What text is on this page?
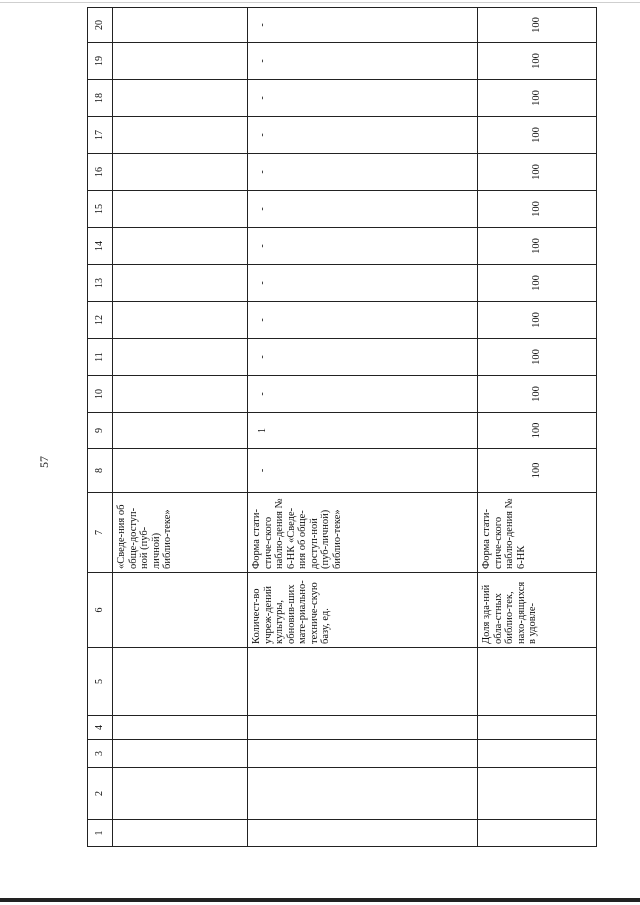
57
1	2	3	4	5	6	7	8	9	10	11	12	13	14	15	16	17	18	19	20
						«Сведе-ния об обще-доступ-ной (пуб-личной) библио-теке»													
					Количест-во учреж-дений культуры, обновив-ших мате-риально-техниче-скую базу, ед.	Форма стати-стиче-ского наблю-дения № 6-НК «Сведе-ния об обще-доступ-ной (пуб-личной) библио-теке»	-	1	-	-	-	-	-	-	-	-	-	-	-

					Доля зда-ний обла-стных библио-тек, нахо-дящихся в удовле-	Форма стати-стиче-ского наблю-дения № 6-НК	100	100	100	100	100	100	100	100	100	100	100	100	100
